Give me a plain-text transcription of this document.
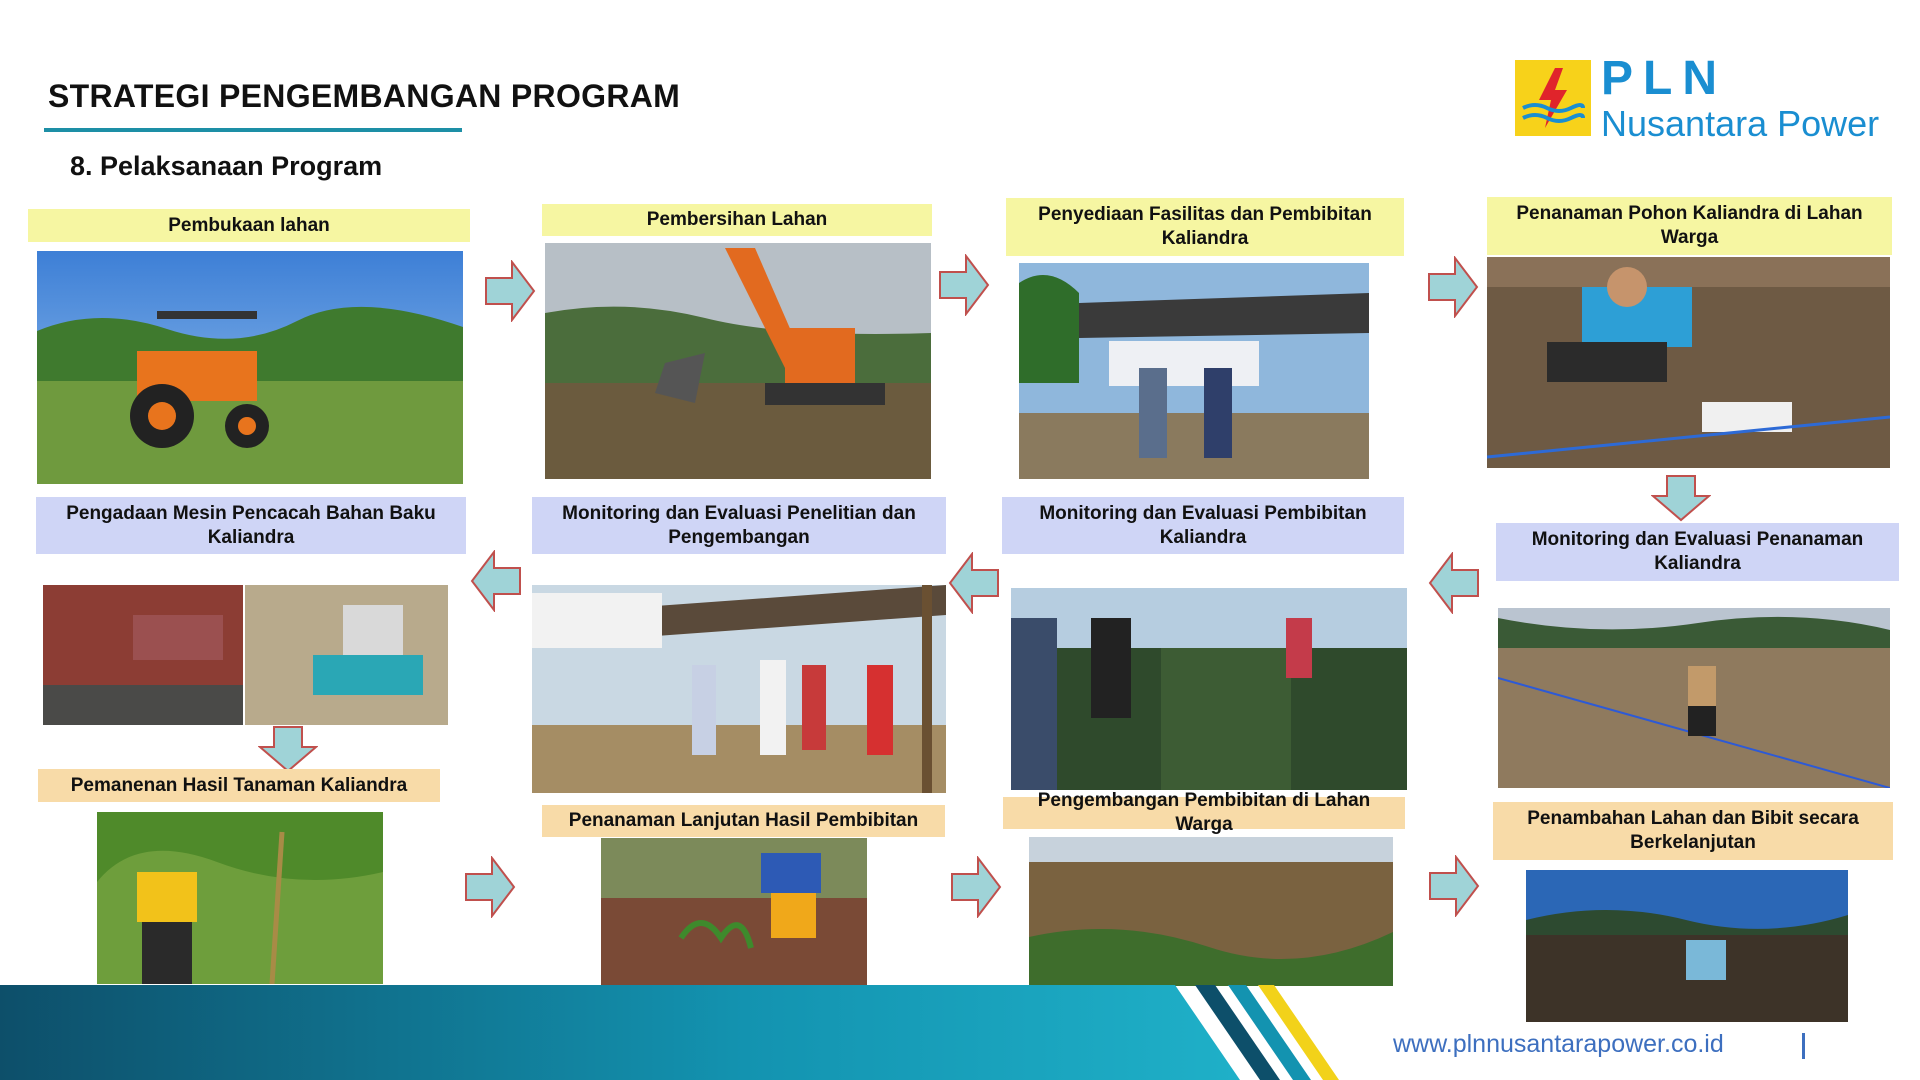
STRATEGI PENGEMBANGAN PROGRAM
8. Pelaksanaan Program
PLN
Nusantara Power
Pembukaan lahan	Pembersihan Lahan	Penyediaan Fasilitas dan Pembibitan Kaliandra
Penanaman Pohon Kaliandra di Lahan Warga
Pengadaan Mesin Pencacah Bahan Baku Kaliandra
Monitoring dan Evaluasi Penelitian dan Pengembangan
Monitoring dan Evaluasi Pembibitan Kaliandra	Monitoring dan Evaluasi Penanaman Kaliandra
Pemanenan Hasil Tanaman Kaliandra
Penanaman Lanjutan Hasil Pembibitan
Pengembangan Pembibitan di Lahan Warga	Penambahan Lahan dan Bibit secara Berkelanjutan
www.plnnusantarapower.co.id
